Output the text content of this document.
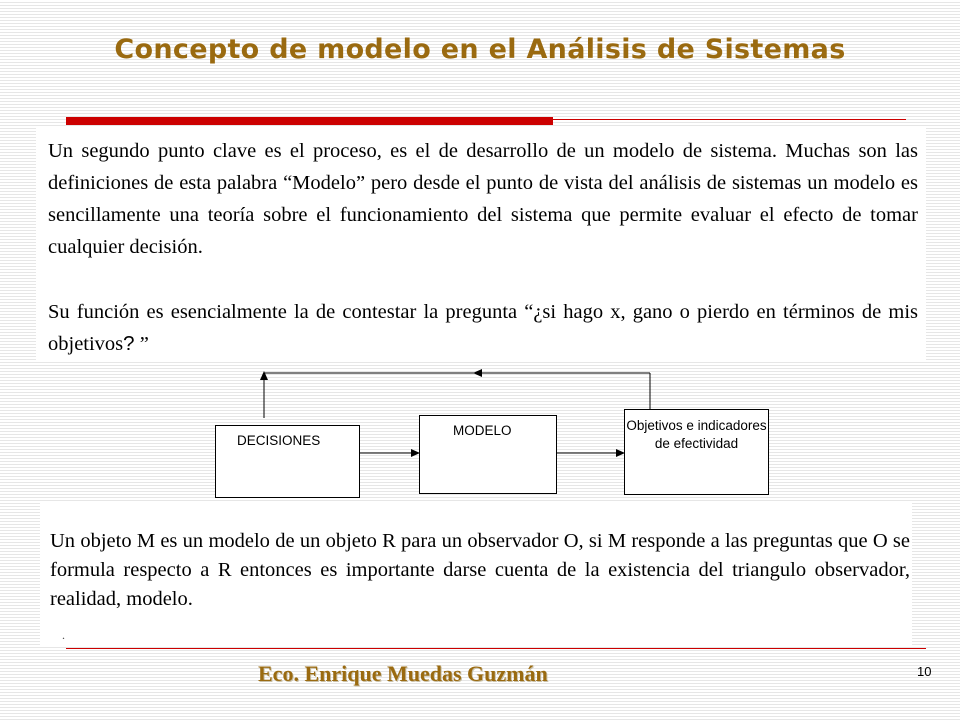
Concepto de modelo en el Análisis de Sistemas

Un segundo punto clave es el proceso, es el de desarrollo de un modelo de sistema. Muchas son las definiciones de esta palabra “Modelo” pero desde el punto de vista del análisis de sistemas un modelo es sencillamente una teoría sobre el funcionamiento del sistema que permite evaluar el efecto de tomar cualquier decisión.

Su función es esencialmente la de contestar la pregunta “¿si hago x, gano o pierdo en términos de mis objetivos? ”

DECISIONES
MODELO	Objetivos e indicadores de efectividad

Un objeto M es un modelo de un objeto R para un observador O, si M responde a las preguntas que O se formula respecto a R entonces es importante darse cuenta de la existencia del triangulo observador, realidad, modelo.

.
Eco. Enrique Muedas Guzmán	10
